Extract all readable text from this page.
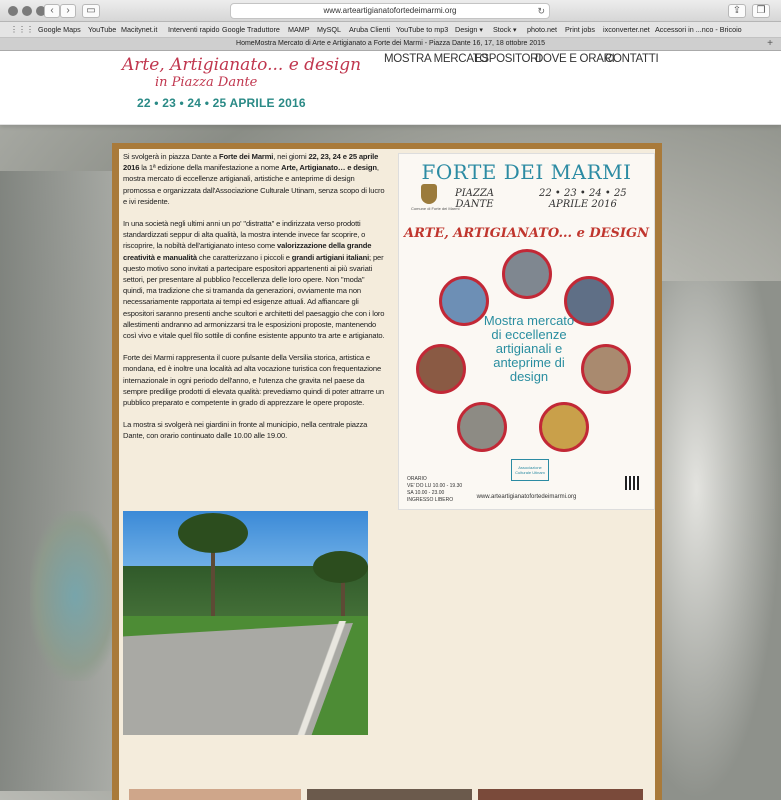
‹	›	▭	www.arteartigianatofortedeimarmi.org	↻	⇪	❐
⋮⋮⋮ Google Maps YouTube Macitynet.it Interventi rapido Google Traduttore MAMP MySQL Aruba Clienti YouTube to mp3 Design ▾ Stock ▾ photo.net Print jobs ixconverter.net Accessori in ...nco - Bricoio
HomeMostra Mercato di Arte e Artigianato a Forte dei Marmi - Piazza Dante 16, 17, 18 ottobre 2015	+
Arte, Artigianato... e design
in Piazza Dante
22 • 23 • 24 • 25 APRILE 2016
MOSTRA MERCATO
ESPOSITORI
DOVE E ORARI
CONTATTI

Si svolgerà in piazza Dante a Forte dei Marmi, nei giorni 22, 23, 24 e 25 aprile 2016 la 1ª edizione della manifestazione a nome Arte, Artigianato… e design, mostra mercato di eccellenze artigianali, artistiche e anteprime di design promossa e organizzata dall'Associazione Culturale Utinam, senza scopo di lucro e ivi residente.

In una società negli ultimi anni un po' "distratta" e indirizzata verso prodotti standardizzati seppur di alta qualità, la mostra intende invece far scoprire, o riscoprire, la nobiltà dell'artigianato inteso come valorizzazione della grande creatività e manualità che caratterizzano i piccoli e grandi artigiani italiani; per questo motivo sono invitati a partecipare espositori appartenenti ai più svariati settori, per presentare al pubblico l'eccellenza delle loro opere. Non "moda" quindi, ma tradizione che si tramanda da generazioni, ovviamente ma non necessariamente rapportata ai tempi ed esigenze attuali. Ad affiancare gli espositori saranno presenti anche scultori e architetti del paesaggio che con i loro allestimenti andranno ad armonizzarsi tra le esposizioni proposte, mantenendo così vivo e vitale quel filo sottile di confine esistente appunto tra arte e artigianato.

Forte dei Marmi rappresenta il cuore pulsante della Versilia storica, artistica e mondana, ed è inoltre una località ad alta vocazione turistica con frequentazione internazionale in ogni periodo dell'anno, e l'utenza che gravita nel paese da sempre predilige prodotti di elevata qualità: prevediamo quindi di poter attrarre un pubblico preparato e competente in grado di apprezzare le opere proposte.

La mostra si svolgerà nei giardini in fronte al municipio, nella centrale piazza Dante, con orario continuato dalle 10.00 alle 19.00.

FORTE DEI MARMI
Comune di Forte dei Marmi
PIAZZA
DANTE
22 • 23 • 24 • 25
APRILE 2016
ARTE, ARTIGIANATO... e DESIGN
Mostra mercato di eccellenze artigianali e anteprime di design
ORARIO
VE' DO LU 10.00 - 19.30
SA 10.00 - 23.00
INGRESSO LIBERO
Associazione Culturale Utinam
www.arteartigianatofortedeimarmi.org
